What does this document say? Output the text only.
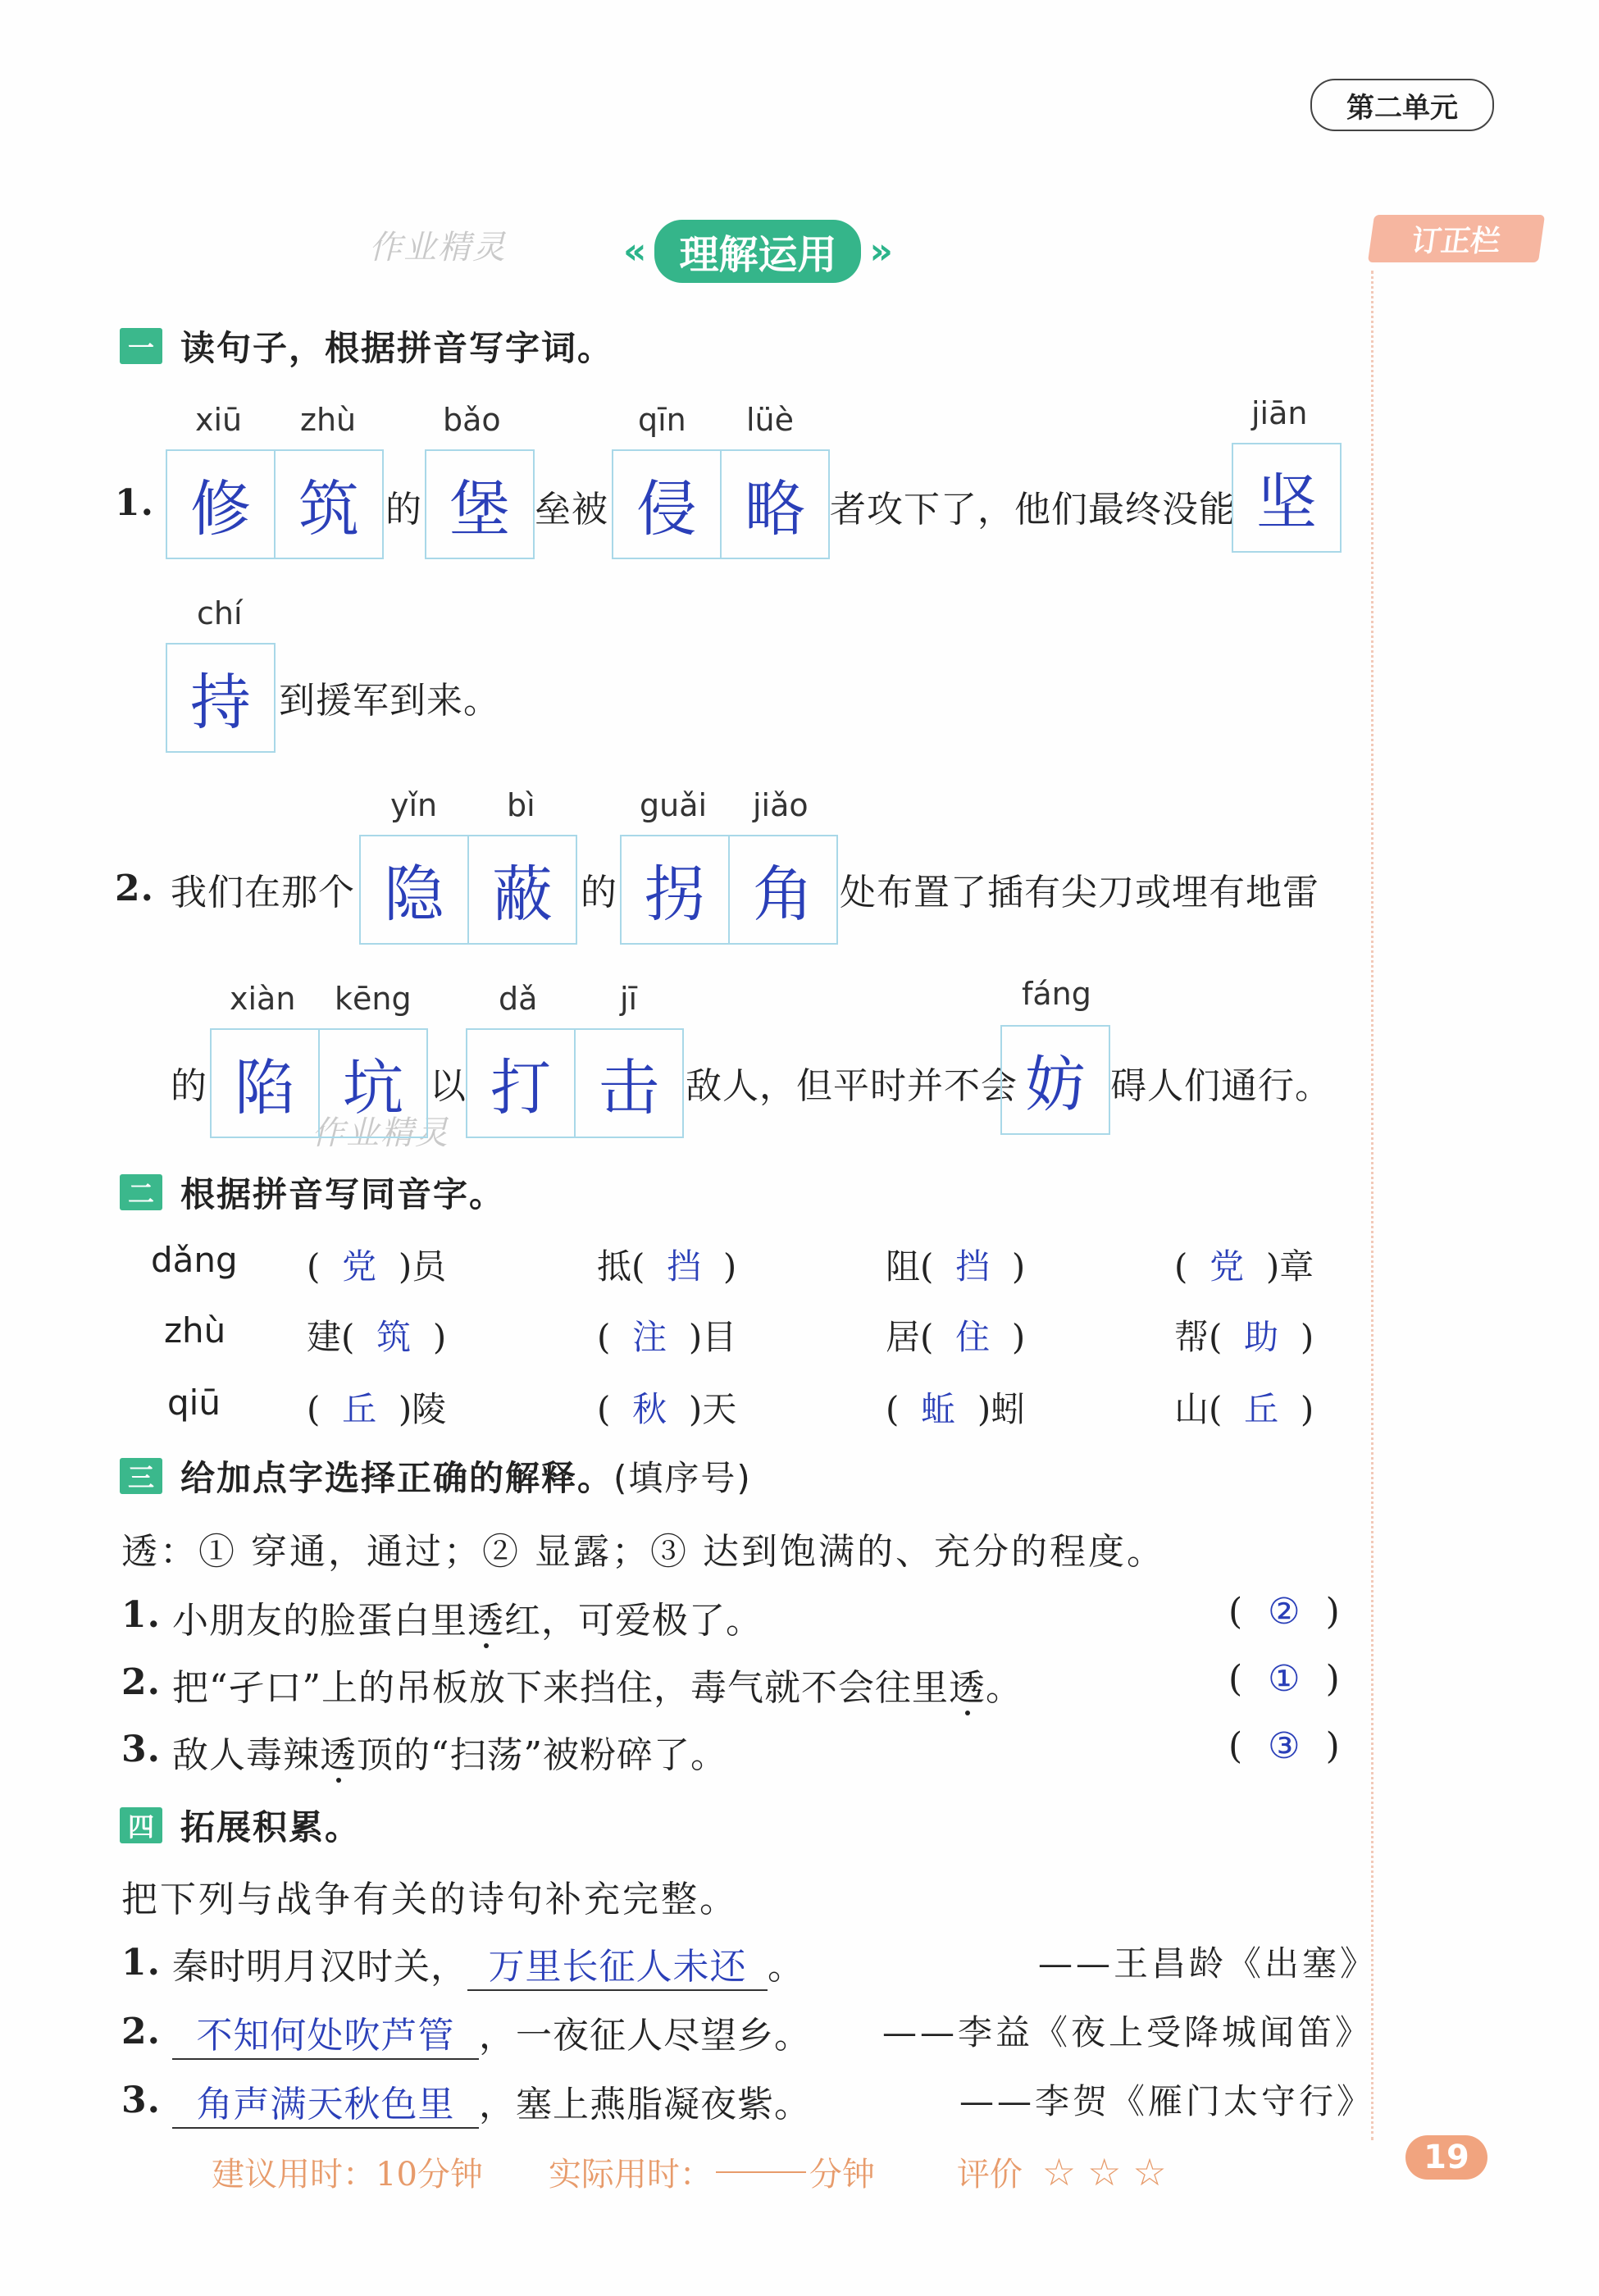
第二单元
订正栏
作业精灵
作业精灵
« 理解运用 »
一 读句子，根据拼音写字词。
1.
xiū zhù
修 筑 的
bǎo
堡 垒被
qīn lüè
侵 略 者攻下了，他们最终没能
jiān
坚
chí
持 到援军到来。
2. 我们在那个
yǐn bì
隐 蔽 的
guǎi jiǎo
拐 角 处布置了插有尖刀或埋有地雷
的
xiàn kēng
陷 坑 以
dǎ	jī
打 击 敌人，但平时并不会
fáng
妨 碍人们通行。
二 根据拼音写同音字。
dǎng ( 党 )员	抵( 挡 )	阻( 挡 )	( 党 )章
zhù 建( 筑 )	( 注 )目	居( 住 )	帮( 助 )
qiū	( 丘 )陵	( 秋 )天	( 蚯 )蚓	山( 丘 )
三 给加点字选择正确的解释。(填序号)
透：① 穿通，通过；② 显露；③ 达到饱满的、充分的程度。
1. 小朋友的脸蛋白里透红，可爱极了。	(  ②  )
2. 把“孑口”上的吊板放下来挡住，毒气就不会往里透。	(  ①  )
3. 敌人毒辣透顶的“扫荡”被粉碎了。	(  ③  )
四 拓展积累。
把下列与战争有关的诗句补充完整。
1. 秦时明月汉时关， 万里长征人未还 。	——王昌龄《出塞》
2. 不知何处吹芦管 ，一夜征人尽望乡。 ——李益《夜上受降城闻笛》
3. 角声满天秋色里 ，塞上燕脂凝夜紫。	——李贺《雁门太守行》
建议用时：10分钟 实际用时：	分钟	评价 ☆☆☆	19
